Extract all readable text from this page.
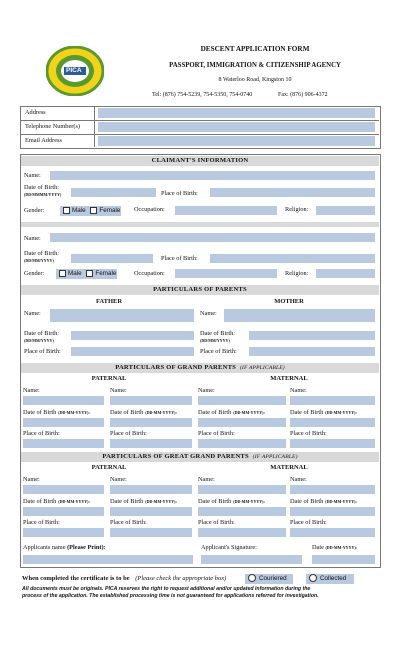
PICA
DESCENT APPLICATION FORM
PASSPORT, IMMIGRATION & CITIZENSHIP AGENCY
8 Waterloo Road, Kingston 10
Tel: (876) 754-5239, 754-5350, 754-0740	Fax: (876) 906-4372
Address
Telephone Number(s)
Email Address
CLAIMANT'S INFORMATION
Name:
Date of Birth:
(DD/MMMM/YYYY)	Place of Birth:
Gender:	Male Female Occupation:	Religion:
Name:
Date of Birth:
(DD/MM/YYYY)	Place of Birth:
Gender:	Male Female	Occupation:	Religion:
PARTICULARS OF PARENTS
FATHER	MOTHER
Name:	Name:
Date of Birth:
(DD/MM/YYYY)
Date of Birth:
(DD/MM/YYYY)
Place of Birth:	Place of Birth:
PARTICULARS OF GRAND PARENTS (IF APPLICABLE)
PATERNAL	MATERNAL
Name:
Date of Birth (DD-MM-YYYY):
Place of Birth:
Name:
Date of Birth (DD-MM-YYYY):
Place of Birth:
Name:
Date of Birth (DD-MM-YYYY):
Place of Birth:
Name:
Date of Birth (DD-MM-YYYY):
Place of Birth:
PARTICULARS OF GREAT GRAND PARENTS (IF APPLICABLE)
PATERNAL	MATERNAL
Name:
Date of Birth (DD-MM-YYYY):
Place of Birth:
Name:
Date of Birth (DD-MM-YYYY):
Place of Birth:
Name:
Date of Birth (DD-MM-YYYY):
Place of Birth:
Name:
Date of Birth (DD-MM-YYYY):
Place of Birth:
Applicants name (Please Print):	Applicant's Signature:	Date (DD-MM-YYYY):
When completed the certificate is to be (Please check the appropriate box)	Couriered	Collected
All documents must be originals. PICA reserves the right to request additional and/or updated information during the
process of the application. The established processing time is not guaranteed for applications referred for investigation.
